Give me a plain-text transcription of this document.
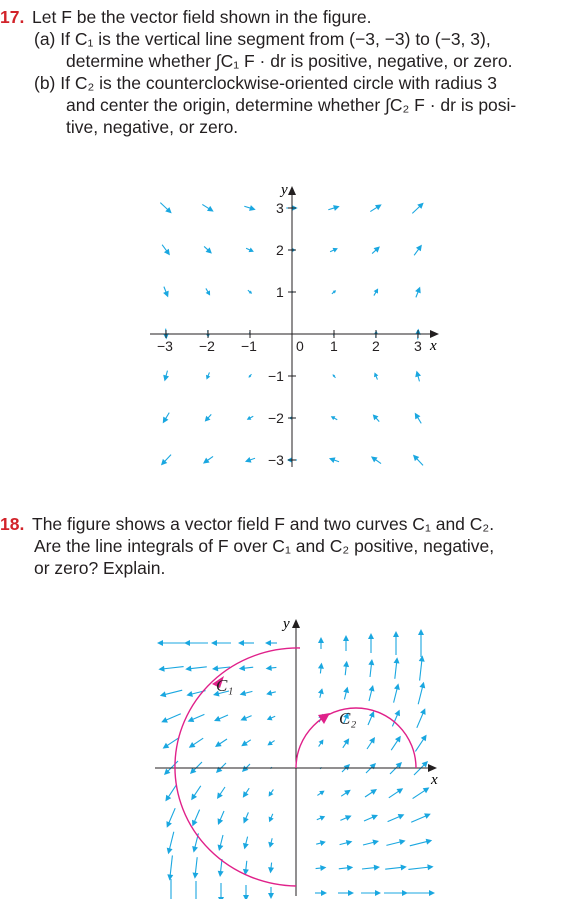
17. Let F be the vector field shown in the figure.
(a) If C₁ is the vertical line segment from (−3, −3) to (−3, 3),
determine whether ∫C₁ F · dr is positive, negative, or zero.
(b) If C₂ is the counterclockwise-oriented circle with radius 3
and center the origin, determine whether ∫C₂ F · dr is posi-
tive, negative, or zero.
y
x
−3 −2 −1	0 1 2 3
3
2
1
−1
−2
−3
18. The figure shows a vector field F and two curves C₁ and C₂.
Are the line integrals of F over C₁ and C₂ positive, negative,
or zero? Explain.
y
x
C₁
C₂
